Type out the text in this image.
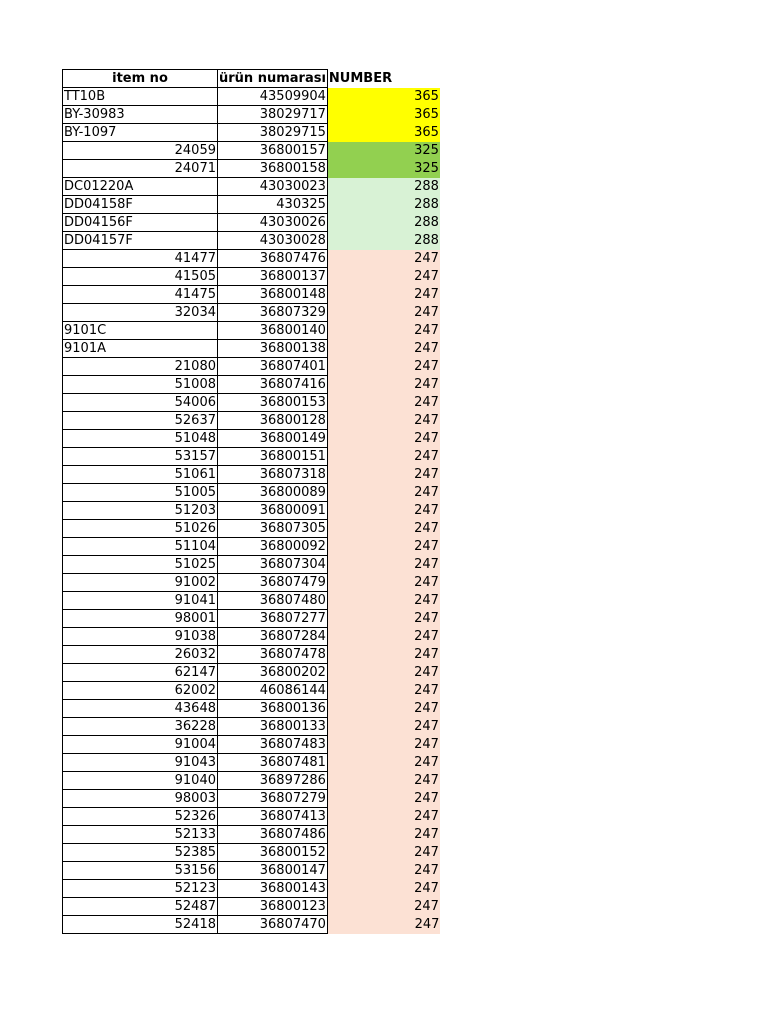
item no	ürün numarası	NUMBER
TT10B	43509904	365
BY-30983	38029717	365
BY-1097	38029715	365
24059	36800157	325
24071	36800158	325
DC01220A	43030023	288
DD04158F	430325	288
DD04156F	43030026	288
DD04157F	43030028	288
41477	36807476	247
41505	36800137	247
41475	36800148	247
32034	36807329	247
9101C	36800140	247
9101A	36800138	247
21080	36807401	247
51008	36807416	247
54006	36800153	247
52637	36800128	247
51048	36800149	247
53157	36800151	247
51061	36807318	247
51005	36800089	247
51203	36800091	247
51026	36807305	247
51104	36800092	247
51025	36807304	247
91002	36807479	247
91041	36807480	247
98001	36807277	247
91038	36807284	247
26032	36807478	247
62147	36800202	247
62002	46086144	247
43648	36800136	247
36228	36800133	247
91004	36807483	247
91043	36807481	247
91040	36897286	247
98003	36807279	247
52326	36807413	247
52133	36807486	247
52385	36800152	247
53156	36800147	247
52123	36800143	247
52487	36800123	247
52418	36807470	247
